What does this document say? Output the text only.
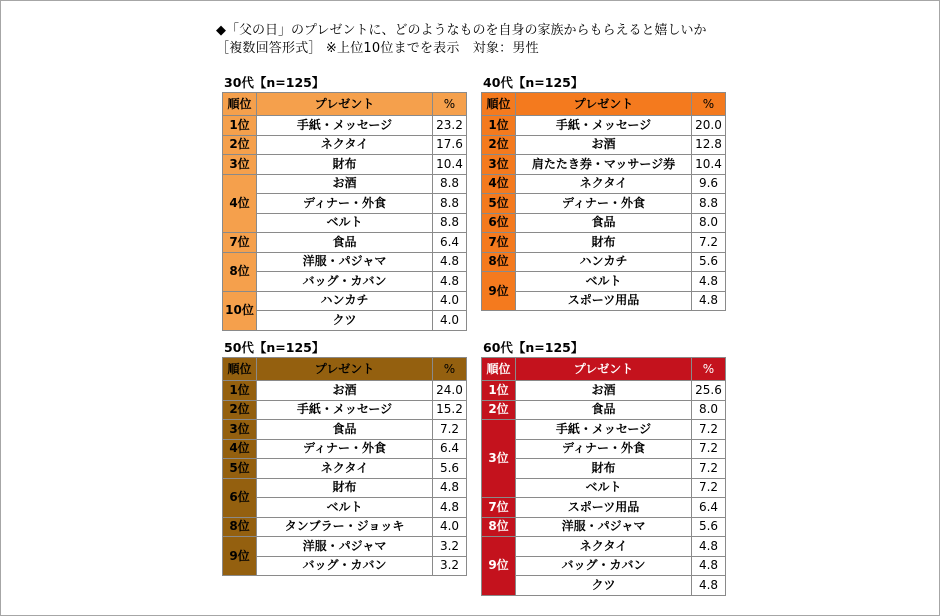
◆「父の日」のプレゼントに、どのようなものを自身の家族からもらえると嬉しいか
［複数回答形式］ ※上位10位までを表示　対象：男性
30代【n=125】	40代【n=125】
50代【n=125】	60代【n=125】
順位	プレゼント	%
1位	手紙・メッセージ	23.2
2位	ネクタイ	17.6
3位	財布	10.4
4位	お酒	8.8
	ディナー・外食	8.8
	ベルト	8.8
7位	食品	6.4
8位	洋服・パジャマ	4.8
	バッグ・カバン	4.8
10位	ハンカチ	4.0
	クツ	4.0
順位	プレゼント	%
1位	手紙・メッセージ	20.0
2位	お酒	12.8
3位	肩たたき券・マッサージ券	10.4
4位	ネクタイ	9.6
5位	ディナー・外食	8.8
6位	食品	8.0
7位	財布	7.2
8位	ハンカチ	5.6
9位	ベルト	4.8
	スポーツ用品	4.8
順位	プレゼント	%
1位	お酒	24.0
2位	手紙・メッセージ	15.2
3位	食品	7.2
4位	ディナー・外食	6.4
5位	ネクタイ	5.6
6位	財布	4.8
	ベルト	4.8
8位	タンブラー・ジョッキ	4.0
9位	洋服・パジャマ	3.2
	バッグ・カバン	3.2
順位	プレゼント	%
1位	お酒	25.6
2位	食品	8.0
3位	手紙・メッセージ	7.2
	ディナー・外食	7.2
	財布	7.2
	ベルト	7.2
7位	スポーツ用品	6.4
8位	洋服・パジャマ	5.6
9位	ネクタイ	4.8
	バッグ・カバン	4.8
	クツ	4.8
